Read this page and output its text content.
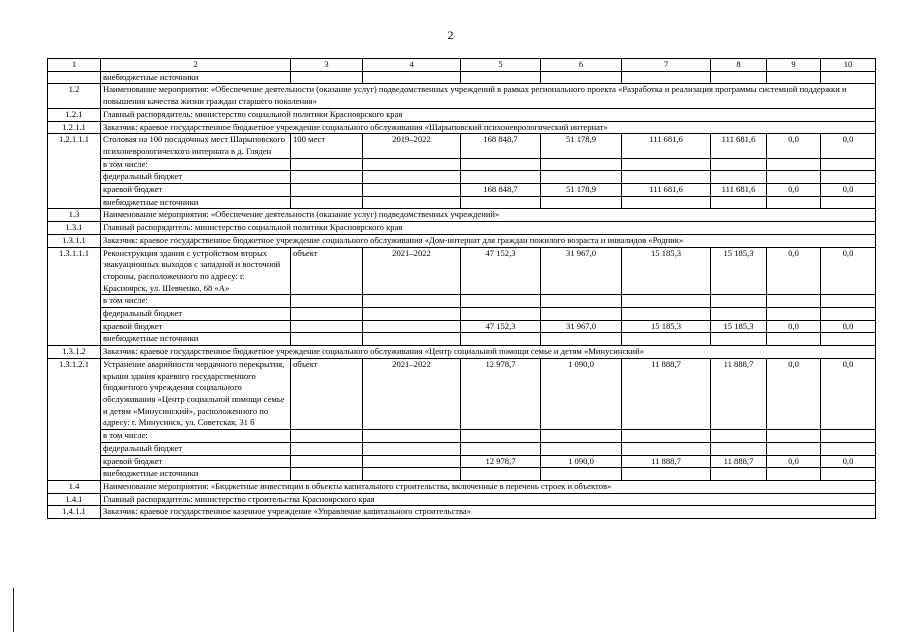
2
1	2	3	4	5	6	7	8	9	10
	внебюджетные источники								
1.2	Наименование мероприятия: «Обеспечение деятельности (оказание услуг) подведомственных учреждений в рамках регионального проекта «Разработка и реализация программы системной поддержки и повышения качества жизни граждан старшего поколения»								
1.2.1	Главный распорядитель: министерство социальной политики Красноярского края								
1.2.1.1	Заказчик: краевое государственное бюджетное учреждение социального обслуживания «Шарыповский психоневрологический интернат»								
1.2.1.1.1	Столовая на 100 посадочных мест Шарыповского психоневрологического интерната в д. Гляден	100 мест	2019–2022	168 848,7	51 178,9	111 681,6	111 681,6	0,0	0,0
	в том числе:								
	федеральный бюджет								
	краевой бюджет			168 848,7	51 178,9	111 681,6	111 681,6	0,0	0,0
	внебюджетные источники								
1.3	Наименование мероприятия: «Обеспечение деятельности (оказание услуг) подведомственных учреждений»								
1.3.1	Главный распорядитель: министерство социальной политики Красноярского края								
1.3.1.1	Заказчик: краевое государственное бюджетное учреждение социального обслуживания «Дом-интернат для граждан пожилого возраста и инвалидов «Родник»								
1.3.1.1.1	Реконструкция здания с устройством вторых эвакуационных выходов с западной и восточной стороны, расположенного по адресу: г. Красноярск, ул. Шевченко, 68 «А»	объект	2021–2022	47 152,3	31 967,0	15 185,3	15 185,3	0,0	0,0
	в том числе:								
	федеральный бюджет								
	краевой бюджет			47 152,3	31 967,0	15 185,3	15 185,3	0,0	0,0
	внебюджетные источники								
1.3.1.2	Заказчик: краевое государственное бюджетное учреждение социального обслуживания «Центр социальной помощи семье и детям «Минусинский»								
1.3.1.2.1	Устранение аварийности чердачного перекрытия, крыши здания краевого государственного бюджетного учреждения социального обслуживания «Центр социальной помощи семье и детям «Минусинский», расположенного по адресу: г. Минусинск, ул. Советская, 31 б	объект	2021–2022	12 978,7	1 090,0	11 888,7	11 888,7	0,0	0,0
	в том числе:								
	федеральный бюджет								
	краевой бюджет			12 978,7	1 090,0	11 888,7	11 888,7	0,0	0,0
	внебюджетные источники								
1.4	Наименование мероприятия: «Бюджетные инвестиции в объекты капитального строительства, включенные в перечень строек и объектов»								
1.4.1	Главный распорядитель: министерство строительства Красноярского края								
1.4.1.1	Заказчик: краевое государственное казенное учреждение «Управление капитального строительства»								
